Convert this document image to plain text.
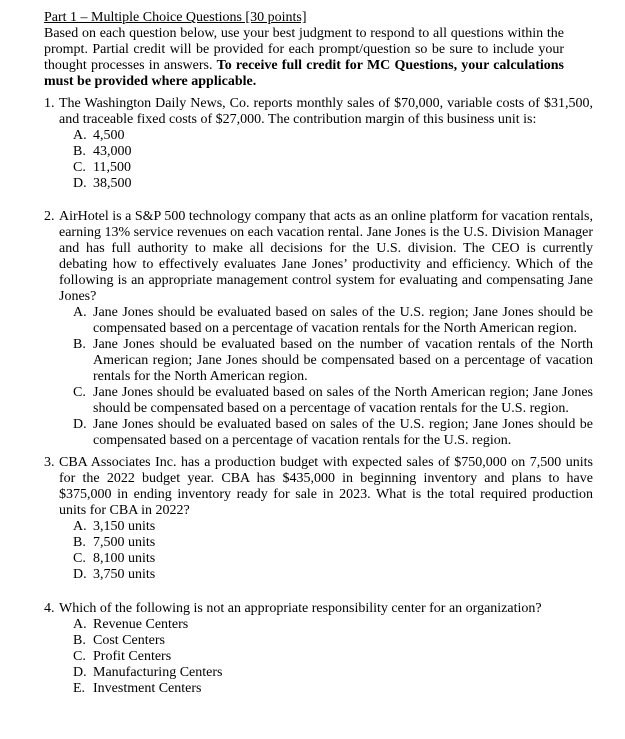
Part 1 – Multiple Choice Questions [30 points]
Based on each question below, use your best judgment to respond to all questions within the prompt. Partial credit will be provided for each prompt/question so be sure to include your thought processes in answers. To receive full credit for MC Questions, your calculations must be provided where applicable.
1. The Washington Daily News, Co. reports monthly sales of $70,000, variable costs of $31,500, and traceable fixed costs of $27,000. The contribution margin of this business unit is:
A. 4,500
B. 43,000
C. 11,500
D. 38,500
2. AirHotel is a S&P 500 technology company that acts as an online platform for vacation rentals, earning 13% service revenues on each vacation rental. Jane Jones is the U.S. Division Manager and has full authority to make all decisions for the U.S. division. The CEO is currently debating how to effectively evaluates Jane Jones’ productivity and efficiency. Which of the following is an appropriate management control system for evaluating and compensating Jane Jones?
A. Jane Jones should be evaluated based on sales of the U.S. region; Jane Jones should be compensated based on a percentage of vacation rentals for the North American region.
B. Jane Jones should be evaluated based on the number of vacation rentals of the North American region; Jane Jones should be compensated based on a percentage of vacation rentals for the North American region.
C. Jane Jones should be evaluated based on sales of the North American region; Jane Jones should be compensated based on a percentage of vacation rentals for the U.S. region.
D. Jane Jones should be evaluated based on sales of the U.S. region; Jane Jones should be compensated based on a percentage of vacation rentals for the U.S. region.
3. CBA Associates Inc. has a production budget with expected sales of $750,000 on 7,500 units for the 2022 budget year. CBA has $435,000 in beginning inventory and plans to have $375,000 in ending inventory ready for sale in 2023. What is the total required production units for CBA in 2022?
A. 3,150 units
B. 7,500 units
C. 8,100 units
D. 3,750 units
4. Which of the following is not an appropriate responsibility center for an organization?
A. Revenue Centers
B. Cost Centers
C. Profit Centers
D. Manufacturing Centers
E. Investment Centers
